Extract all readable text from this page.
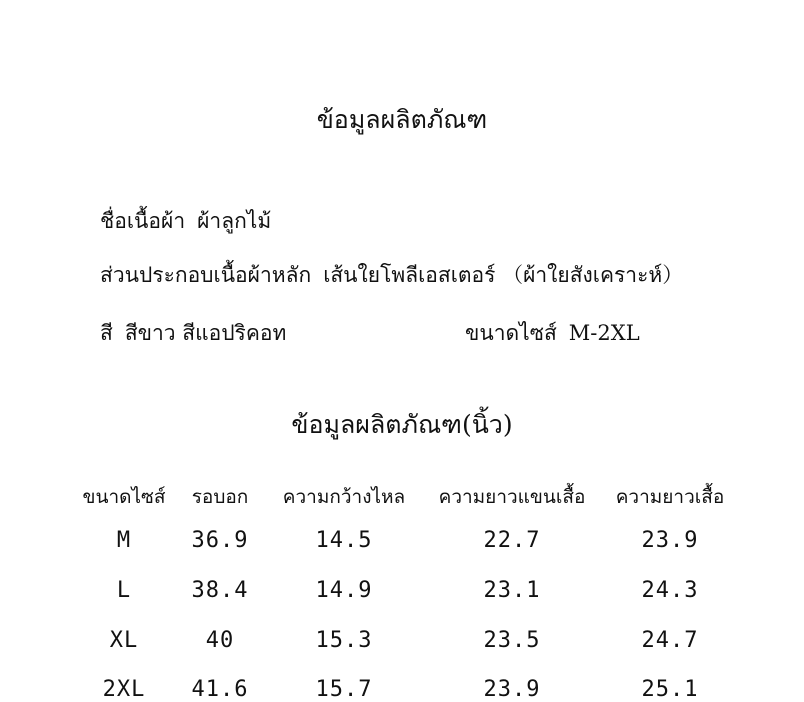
ข้อมูลผลิตภัณฑ
ชื่อเนื้อผ้า ผ้าลูกไม้
ส่วนประกอบเนื้อผ้าหลัก เส้นใยโพลีเอสเตอร์ （ผ้าใยสังเคราะห์）
สี สีขาว สีแอปริคอท	ขนาดไซส์ M-2XL
ข้อมูลผลิตภัณฑ(นิ้ว)
ขนาดไซส์
M
L
XL
2XL
รอบอก
36.9
38.4
40
41.6
ความกว้างไหล
14.5
14.9
15.3
15.7
ความยาวแขนเสื้อ
22.7
23.1
23.5
23.9
ความยาวเสื้อ
23.9
24.3
24.7
25.1
